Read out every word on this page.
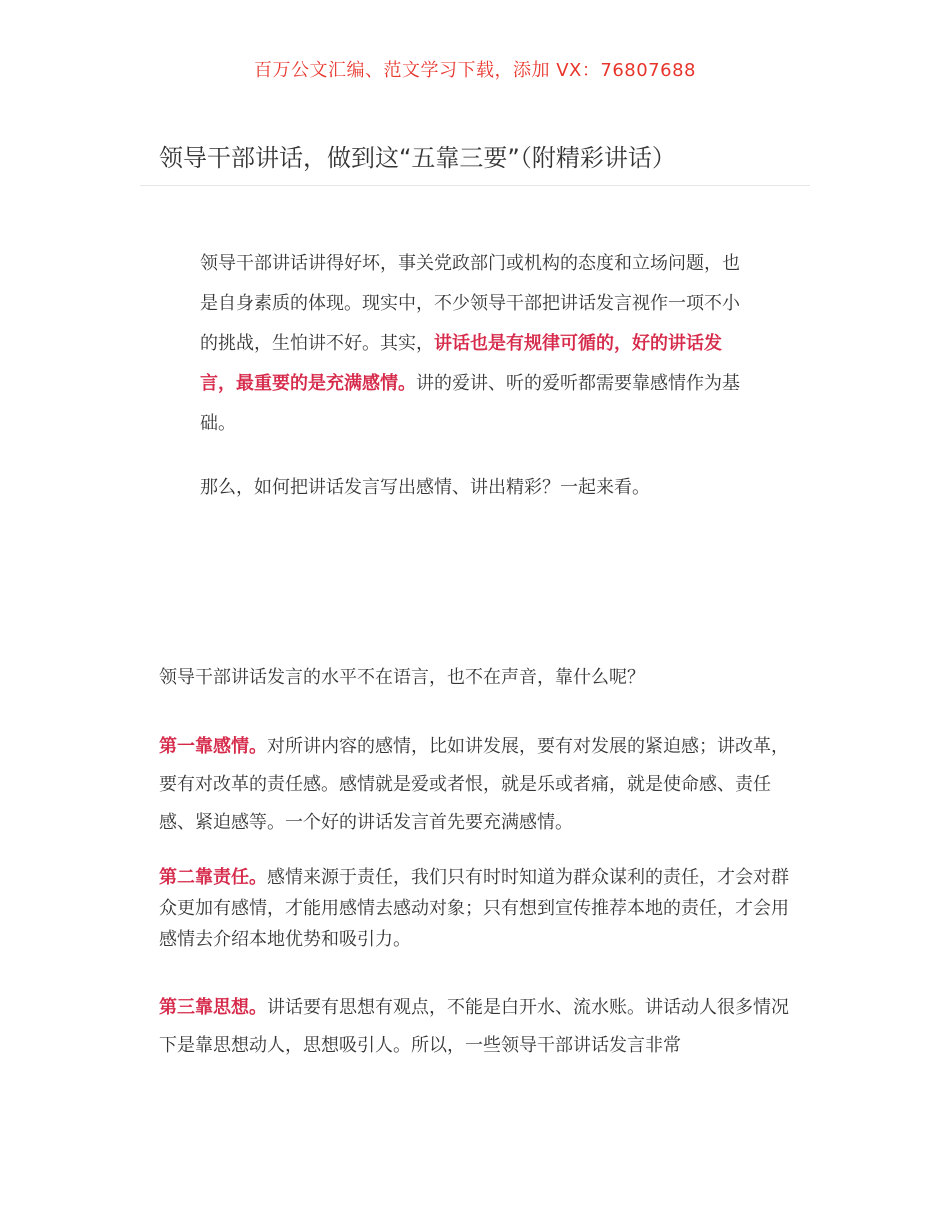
百万公文汇编、范文学习下载，添加 VX：76807688
领导干部讲话，做到这“五靠三要”（附精彩讲话）

领导干部讲话讲得好坏，事关党政部门或机构的态度和立场问题，也是自身素质的体现。现实中，不少领导干部把讲话发言视作一项不小的挑战，生怕讲不好。其实，讲话也是有规律可循的，好的讲话发言，最重要的是充满感情。讲的爱讲、听的爱听都需要靠感情作为基础。

那么，如何把讲话发言写出感情、讲出精彩？一起来看。

领导干部讲话发言的水平不在语言，也不在声音，靠什么呢？

第一靠感情。对所讲内容的感情，比如讲发展，要有对发展的紧迫感；讲改革，要有对改革的责任感。感情就是爱或者恨，就是乐或者痛，就是使命感、责任感、紧迫感等。一个好的讲话发言首先要充满感情。

第二靠责任。感情来源于责任，我们只有时时知道为群众谋利的责任，才会对群众更加有感情，才能用感情去感动对象；只有想到宣传推荐本地的责任，才会用感情去介绍本地优势和吸引力。

第三靠思想。讲话要有思想有观点，不能是白开水、流水账。讲话动人很多情况下是靠思想动人，思想吸引人。所以，一些领导干部讲话发言非常
